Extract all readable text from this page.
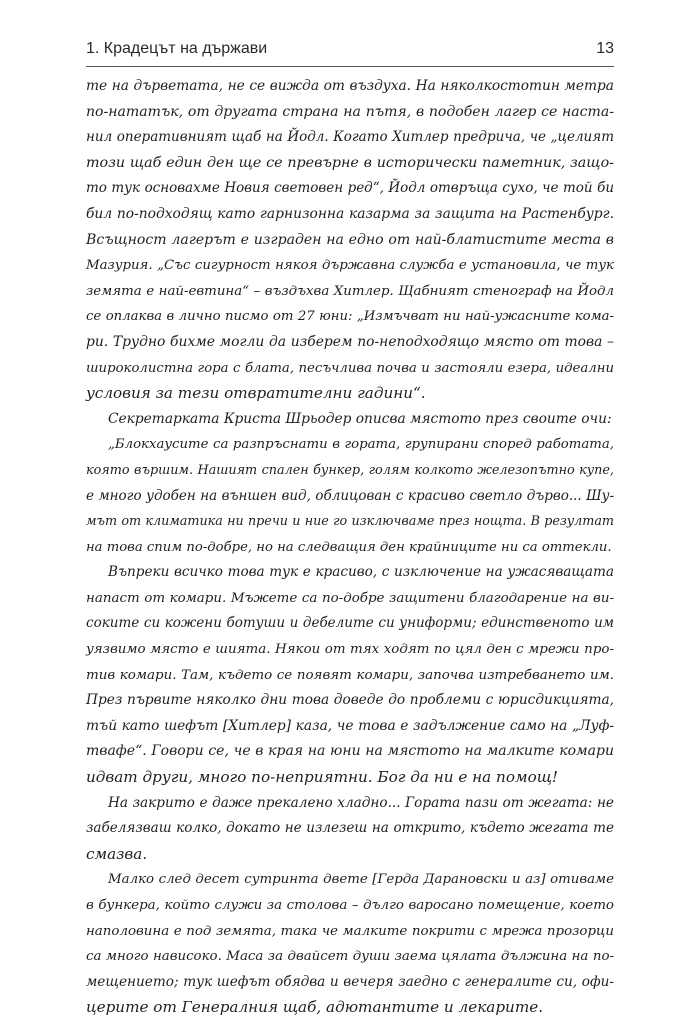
1. Крадецът на държави	13

те на дърветата, не се вижда от въздуха. На няколкостотин метра
по-нататък, от другата страна на пътя, в подобен лагер се наста-
нил оперативният щаб на Йодл. Когато Хитлер предрича, че „целият
този щаб един ден ще се превърне в исторически паметник, защо-
то тук основахме Новия световен ред“, Йодл отвръща сухо, че той би
бил по-подходящ като гарнизонна казарма за защита на Растенбург.
Всъщност лагерът е изграден на едно от най-блатистите места в
Мазурия. „Със сигурност някоя държавна служба е установила, че тук
земята е най-евтина“ – въздъхва Хитлер. Щабният стенограф на Йодл
се оплаква в лично писмо от 27 юни: „Измъчват ни най-ужасните кома-
ри. Трудно бихме могли да изберем по-неподходящо място от това –
широколистна гора с блата, песъчлива почва и застояли езера, идеални
условия за тези отвратителни гадини“.

Секретарката Криста Шрьодер описва мястото през своите очи:

„Блокхаусите са разпръснати в гората, групирани според работата,
която вършим. Нашият спален бункер, голям колкото железопътно купе,
е много удобен на външен вид, облицован с красиво светло дърво... Шу-
мът от климатика ни пречи и ние го изключваме през нощта. В резултат
на това спим по-добре, но на следващия ден крайниците ни са оттекли.

Въпреки всичко това тук е красиво, с изключение на ужасяващата
напаст от комари. Мъжете са по-добре защитени благодарение на ви-
соките си кожени ботуши и дебелите си униформи; единственото им
уязвимо място е шията. Някои от тях ходят по цял ден с мрежи про-
тив комари. Там, където се появят комари, започва изтребването им.
През първите няколко дни това доведе до проблеми с юрисдикцията,
тъй като шефът [Хитлер] каза, че това е задължение само на „Луф-
твафе“. Говори се, че в края на юни на мястото на малките комари
идват други, много по-неприятни. Бог да ни е на помощ!

На закрито е даже прекалено хладно... Гората пази от жегата: не
забелязваш колко, докато не излезеш на открито, където жегата те
смазва.

Малко след десет сутринта двете [Герда Дарановски и аз] отиваме
в бункера, който служи за столова – дълго варосано помещение, което
наполовина е под земята, така че малките покрити с мрежа прозорци
са много нависоко. Маса за двайсет души заема цялата дължина на по-
мещението; тук шефът обядва и вечеря заедно с генералите си, офи-
церите от Генералния щаб, адютантите и лекарите.
